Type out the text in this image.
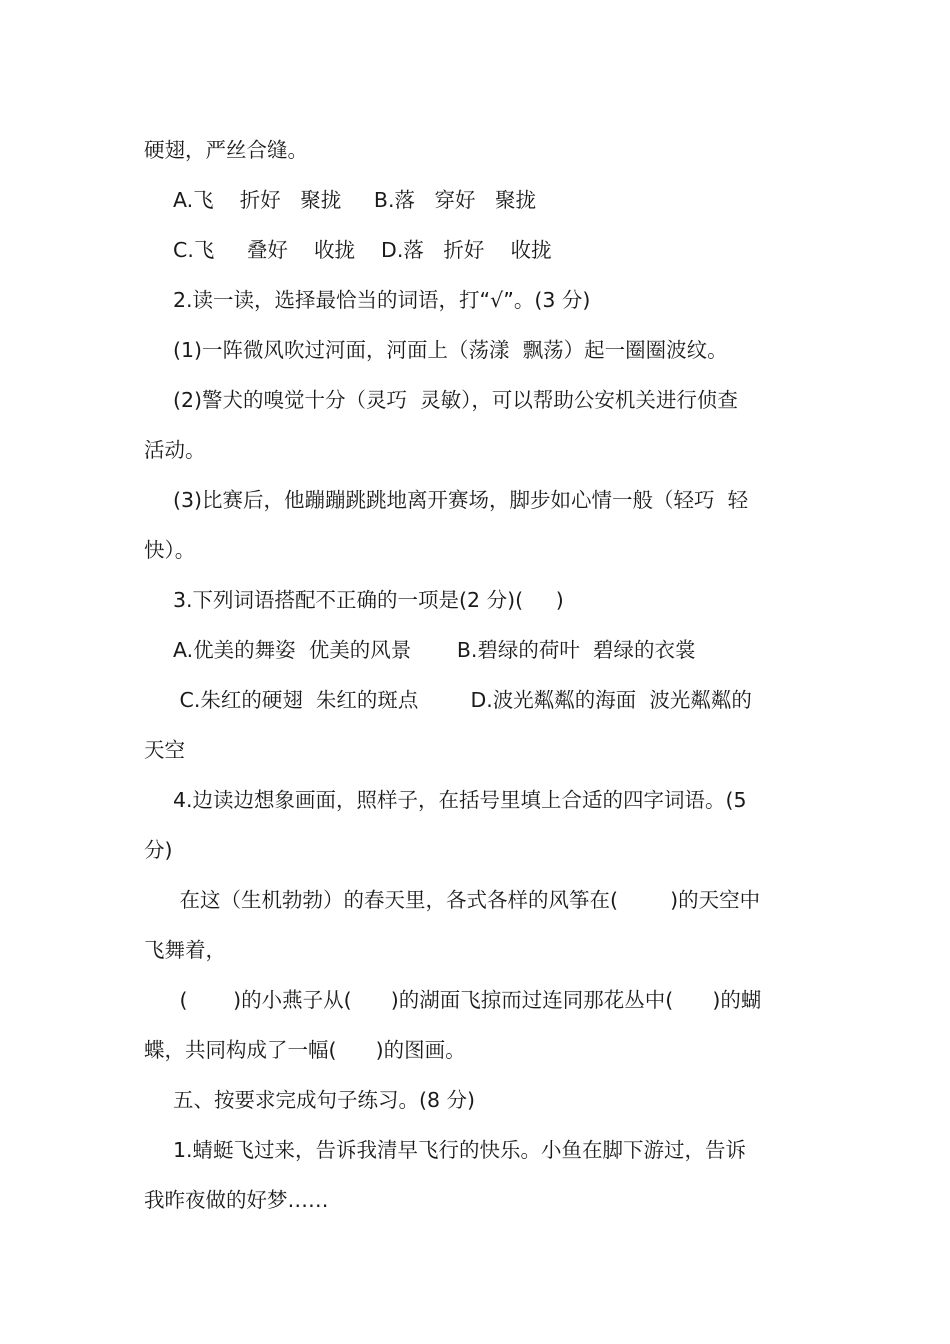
硬翅，严丝合缝。
A.飞    折好   聚拢     B.落   穿好   聚拢
C.飞     叠好    收拢    D.落   折好    收拢
2.读一读，选择最恰当的词语，打“√”。(3 分)
(1)一阵微风吹过河面，河面上（荡漾  飘荡）起一圈圈波纹。
(2)警犬的嗅觉十分（灵巧  灵敏），可以帮助公安机关进行侦查
活动。
(3)比赛后，他蹦蹦跳跳地离开赛场，脚步如心情一般（轻巧  轻
快）。
3.下列词语搭配不正确的一项是(2 分)(     )
A.优美的舞姿  优美的风景       B.碧绿的荷叶  碧绿的衣裳
C.朱红的硬翅  朱红的斑点        D.波光粼粼的海面  波光粼粼的
天空
4.边读边想象画面，照样子，在括号里填上合适的四字词语。(5
分)
在这（生机勃勃）的春天里，各式各样的风筝在(        )的天空中
飞舞着，
(       )的小燕子从(      )的湖面飞掠而过连同那花丛中(      )的蝴
蝶，共同构成了一幅(      )的图画。
五、按要求完成句子练习。(8 分)
1.蜻蜓飞过来，告诉我清早飞行的快乐。小鱼在脚下游过，告诉
我昨夜做的好梦……
